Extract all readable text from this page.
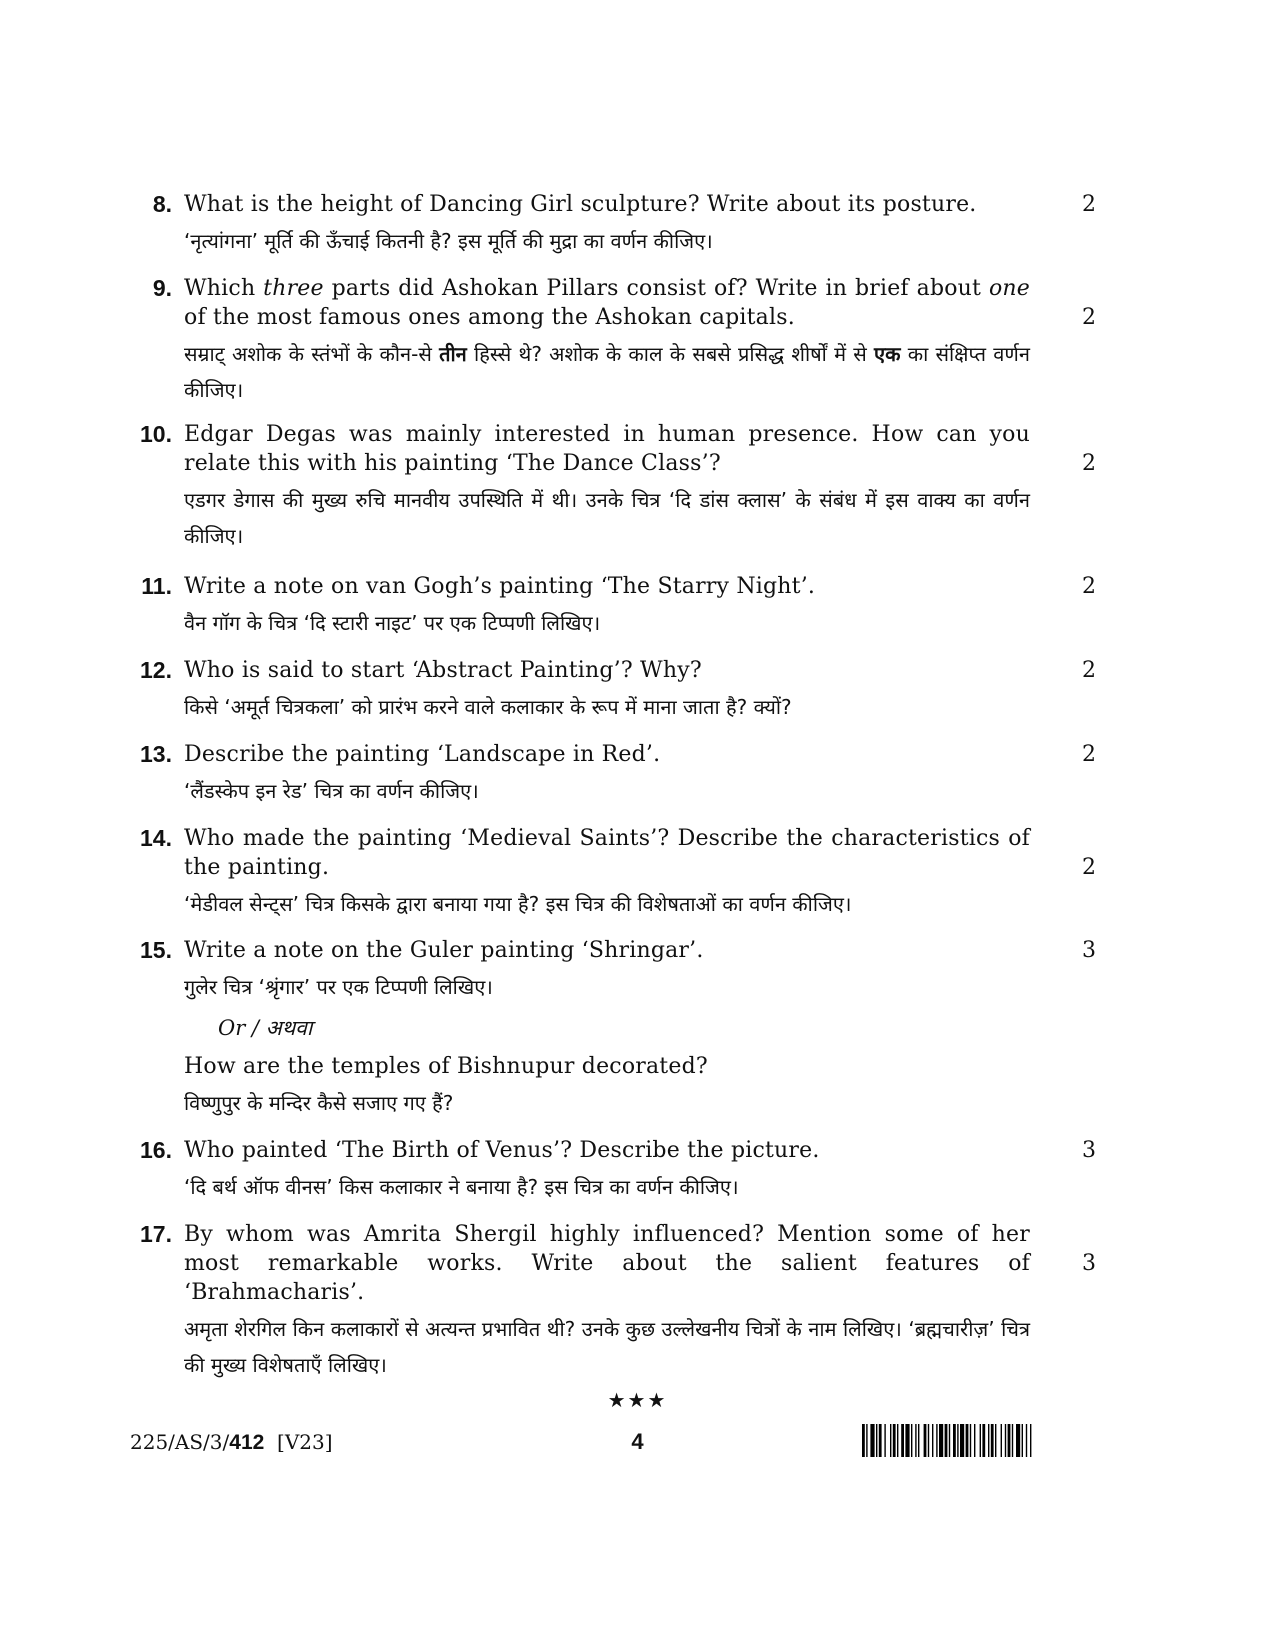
8. What is the height of Dancing Girl sculpture? Write about its posture.
‘नृत्यांगना’ मूर्ति की ऊँचाई कितनी है? इस मूर्ति की मुद्रा का वर्णन कीजिए।
2
9. Which three parts did Ashokan Pillars consist of? Write in brief about one of the most famous ones among the Ashokan capitals.
सम्राट् अशोक के स्तंभों के कौन-से तीन हिस्से थे? अशोक के काल के सबसे प्रसिद्ध शीर्षों में से एक का संक्षिप्त वर्णन कीजिए।
2
10. Edgar Degas was mainly interested in human presence. How can you relate this with his painting ‘The Dance Class’?
एडगर डेगास की मुख्य रुचि मानवीय उपस्थिति में थी। उनके चित्र ‘दि डांस क्लास’ के संबंध में इस वाक्य का वर्णन कीजिए।
2
11. Write a note on van Gogh’s painting ‘The Starry Night’.
वैन गॉग के चित्र ‘दि स्टारी नाइट’ पर एक टिप्पणी लिखिए।
2
12. Who is said to start ‘Abstract Painting’? Why?
किसे ‘अमूर्त चित्रकला’ को प्रारंभ करने वाले कलाकार के रूप में माना जाता है? क्यों?
2
13. Describe the painting ‘Landscape in Red’.
‘लैंडस्केप इन रेड’ चित्र का वर्णन कीजिए।
2
14. Who made the painting ‘Medieval Saints’? Describe the characteristics of the painting.
‘मेडीवल सेन्ट्स’ चित्र किसके द्वारा बनाया गया है? इस चित्र की विशेषताओं का वर्णन कीजिए।
2
15. Write a note on the Guler painting ‘Shringar’.
गुलेर चित्र ‘श्रृंगार’ पर एक टिप्पणी लिखिए।
3
Or / अथवा
How are the temples of Bishnupur decorated?
विष्णुपुर के मन्दिर कैसे सजाए गए हैं?
16. Who painted ‘The Birth of Venus’? Describe the picture.
‘दि बर्थ ऑफ वीनस’ किस कलाकार ने बनाया है? इस चित्र का वर्णन कीजिए।
3
17. By whom was Amrita Shergil highly influenced? Mention some of her most remarkable works. Write about the salient features of ‘Brahmacharis’.
अमृता शेरगिल किन कलाकारों से अत्यन्त प्रभावित थी? उनके कुछ उल्लेखनीय चित्रों के नाम लिखिए। ‘ब्रह्मचारीज़’ चित्र की मुख्य विशेषताएँ लिखिए।
3
★★★
225/AS/3/412 [V23]	4
